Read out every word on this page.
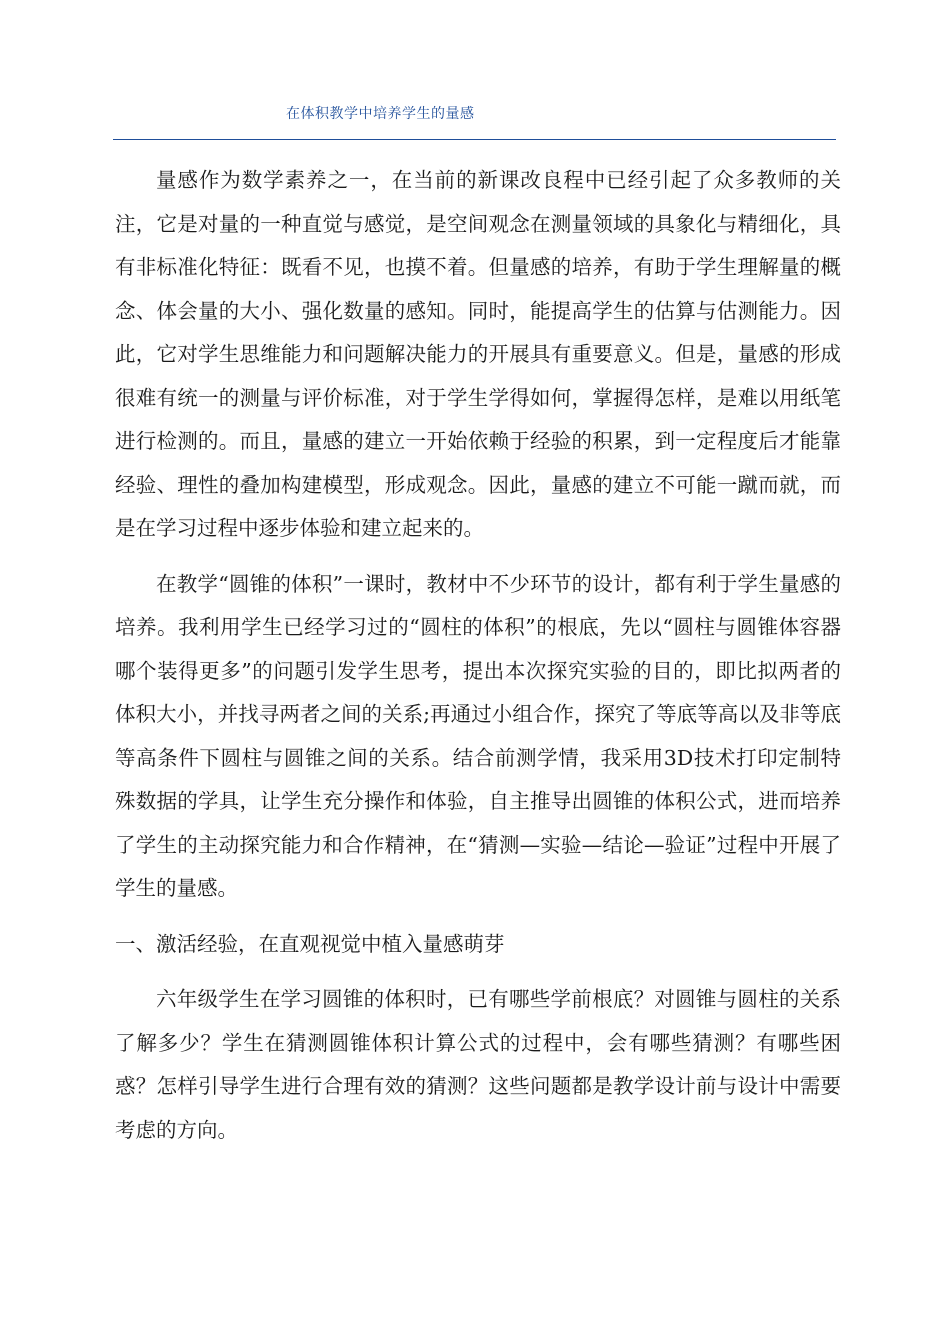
在体积教学中培养学生的量感

量感作为数学素养之一，在当前的新课改良程中已经引起了众多教师的关注，它是对量的一种直觉与感觉，是空间观念在测量领域的具象化与精细化，具有非标准化特征：既看不见，也摸不着。但量感的培养，有助于学生理解量的概念、体会量的大小、强化数量的感知。同时，能提高学生的估算与估测能力。因此，它对学生思维能力和问题解决能力的开展具有重要意义。但是，量感的形成很难有统一的测量与评价标准，对于学生学得如何，掌握得怎样，是难以用纸笔进行检测的。而且，量感的建立一开始依赖于经验的积累，到一定程度后才能靠经验、理性的叠加构建模型，形成观念。因此，量感的建立不可能一蹴而就，而是在学习过程中逐步体验和建立起来的。

在教学“圆锥的体积”一课时，教材中不少环节的设计，都有利于学生量感的培养。我利用学生已经学习过的“圆柱的体积”的根底，先以“圆柱与圆锥体容器哪个装得更多”的问题引发学生思考，提出本次探究实验的目的，即比拟两者的体积大小，并找寻两者之间的关系;再通过小组合作，探究了等底等高以及非等底等高条件下圆柱与圆锥之间的关系。结合前测学情，我采用3D技术打印定制特殊数据的学具，让学生充分操作和体验，自主推导出圆锥的体积公式，进而培养了学生的主动探究能力和合作精神，在“猜测—实验—结论—验证”过程中开展了学生的量感。

一、激活经验，在直观视觉中植入量感萌芽

六年级学生在学习圆锥的体积时，已有哪些学前根底？对圆锥与圆柱的关系了解多少？学生在猜测圆锥体积计算公式的过程中，会有哪些猜测？有哪些困惑？怎样引导学生进行合理有效的猜测？这些问题都是教学设计前与设计中需要考虑的方向。
